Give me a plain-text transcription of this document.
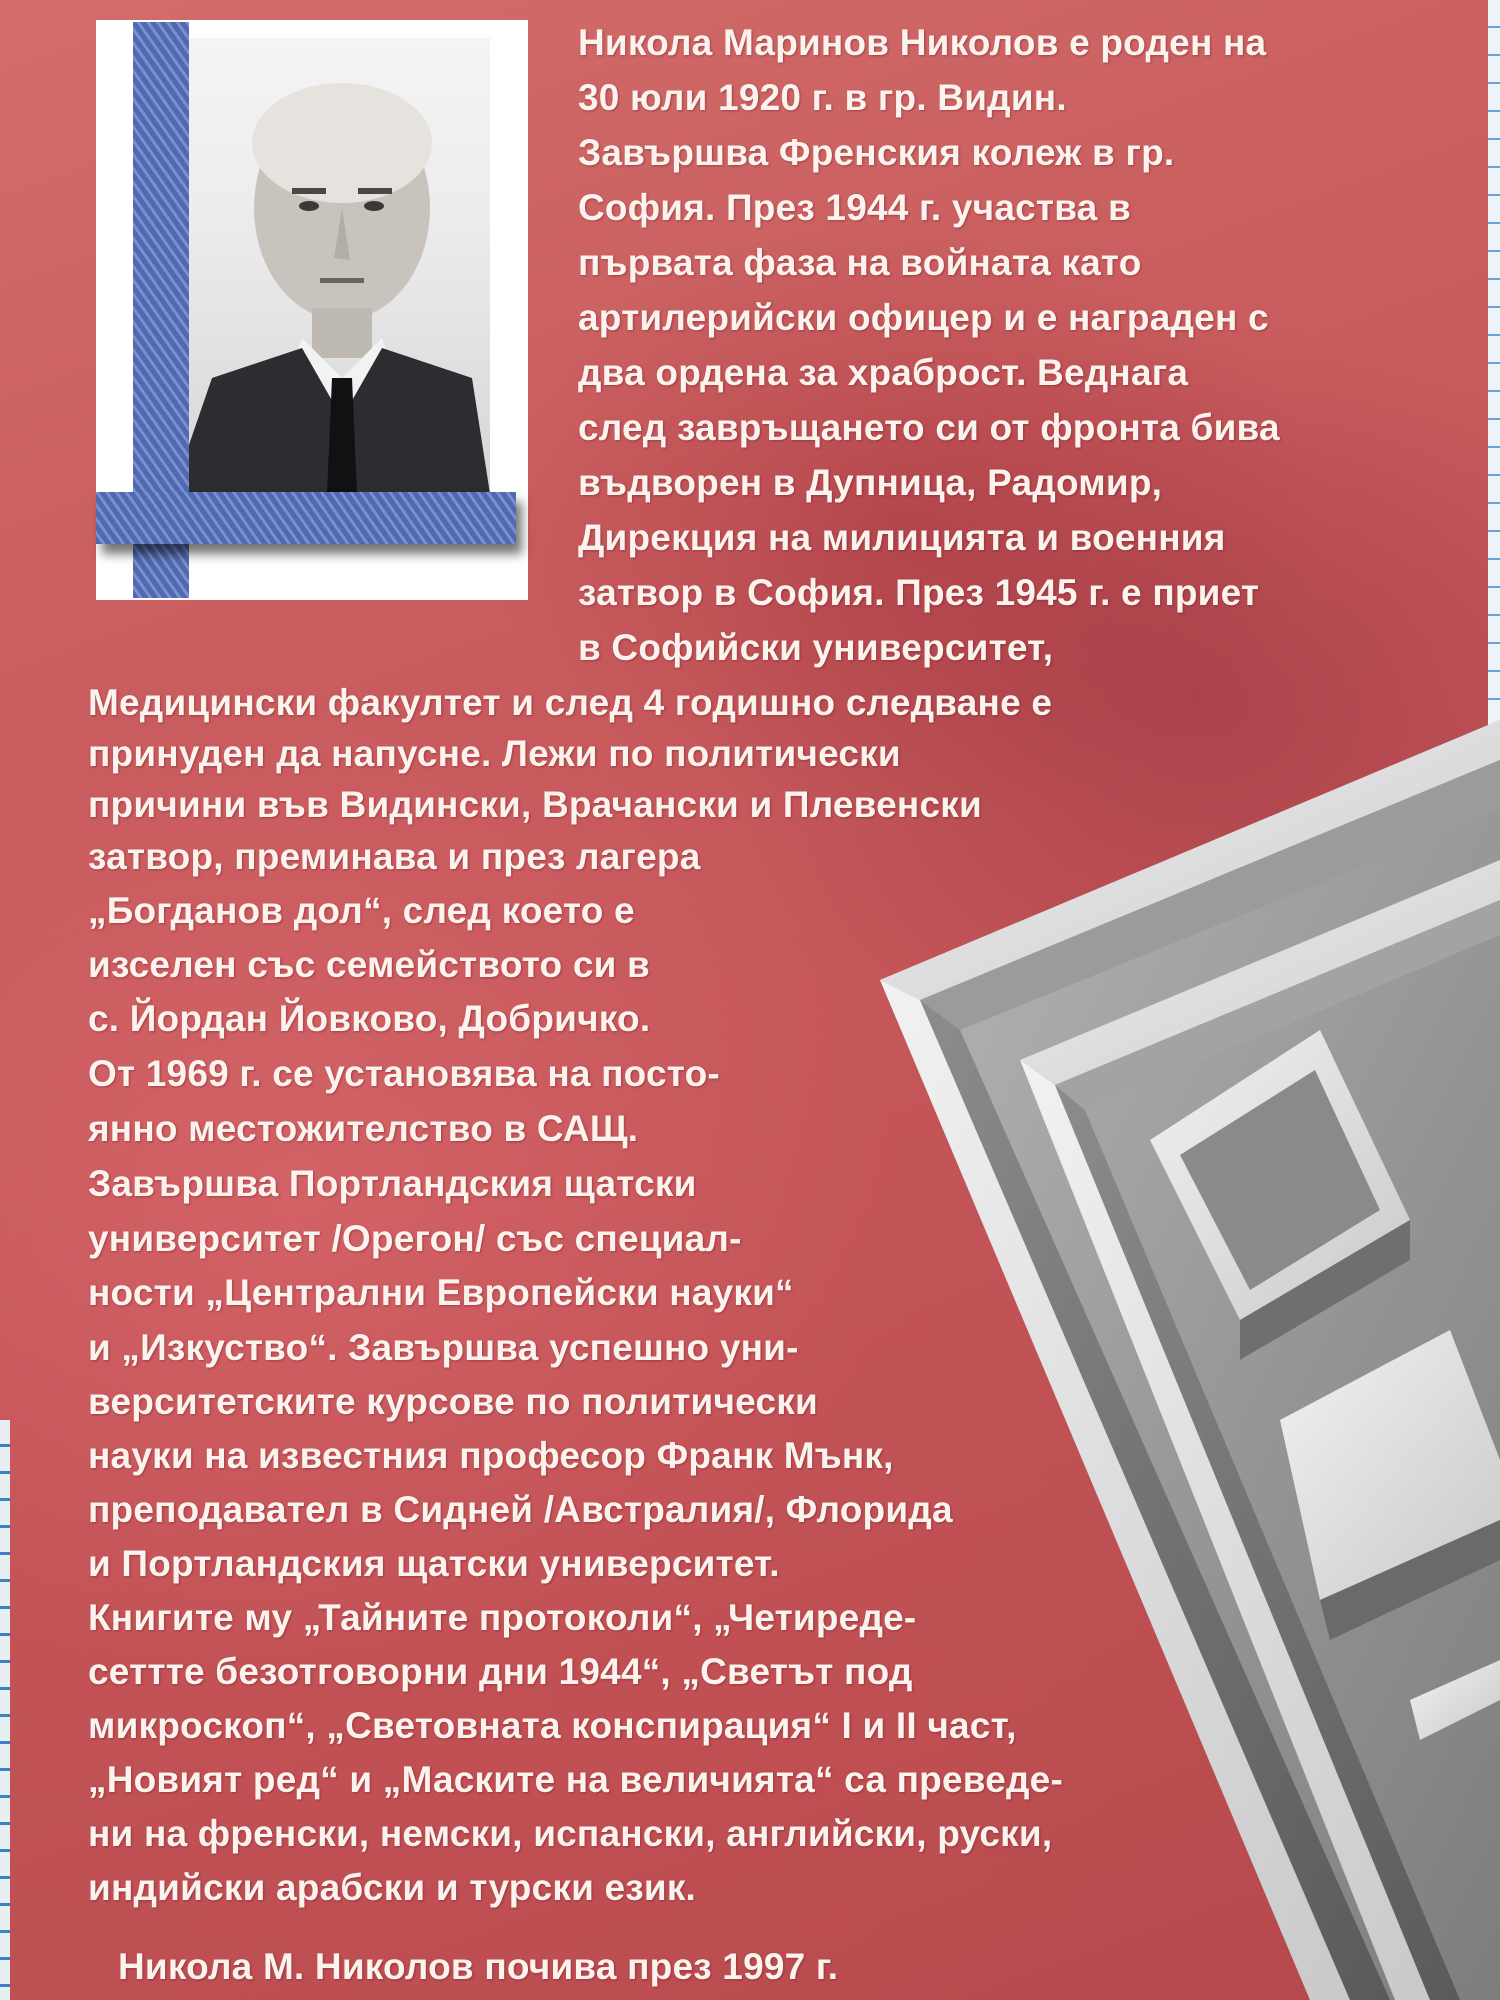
Никола Маринов Николов е роден на
30 юли 1920 г. в гр. Видин.
Завършва Френския колеж в гр.
София. През 1944 г. участва в
първата фаза на войната като
артилерийски офицер и е награден с
два ордена за храброст. Веднага
след завръщането си от фронта бива
въдворен в Дупница, Радомир,
Дирекция на милицията и военния
затвор в София. През 1945 г. е приет
в Софийски университет,
Медицински факултет и след 4 годишно следване е
принуден да напусне. Лежи по политически
причини във Видински, Врачански и Плевенски
затвор, преминава и през лагера
„Богданов дол“, след което е
изселен със семейството си в
с. Йордан Йовково, Добричко.
От 1969 г. се установява на посто-
янно местожителство в САЩ.
Завършва Портландския щатски
университет /Орегон/ със специал-
ности „Централни Европейски науки“
и „Изкуство“. Завършва успешно уни-
верситетските курсове по политически
науки на известния професор Франк Мънк,
преподавател в Сидней /Австралия/, Флорида
и Портландския щатски университет.
Книгите му „Тайните протоколи“, „Четиреде-
сеттте безотговорни дни 1944“, „Светът под
микроскоп“, „Световната конспирация“ I и II част,
„Новият ред“ и „Маските на величията“ са преведе-
ни на френски, немски, испански, английски, руски,
индийски арабски и турски език.
Никола М. Николов почива през 1997 г.
